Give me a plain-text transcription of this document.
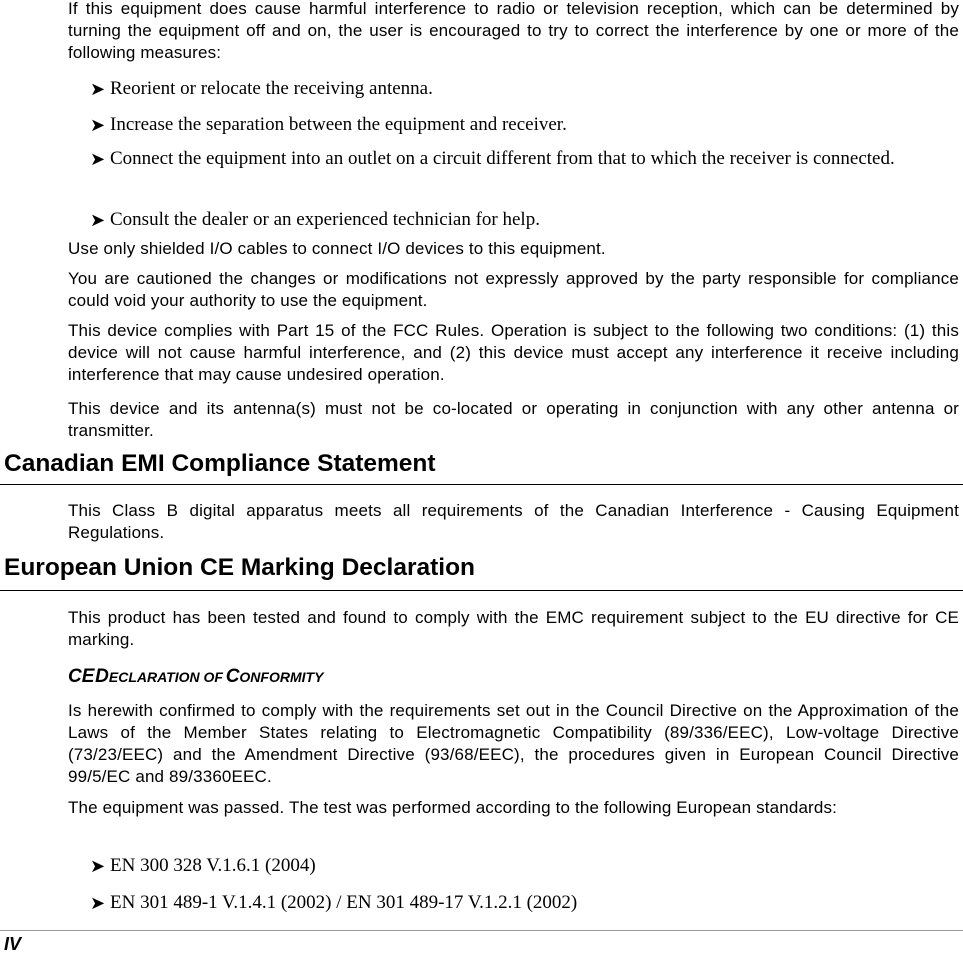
If this equipment does cause harmful interference to radio or television reception, which can be determined by turning the equipment off and on, the user is encouraged to try to correct the interference by one or more of the following measures:

➤ Reorient or relocate the receiving antenna.
➤ Increase the separation between the equipment and receiver.
➤ Connect the equipment into an outlet on a circuit different from that to which the receiver is connected.
➤ Consult the dealer or an experienced technician for help.

Use only shielded I/O cables to connect I/O devices to this equipment.

You are cautioned the changes or modifications not expressly approved by the party responsible for compliance could void your authority to use the equipment.

This device complies with Part 15 of the FCC Rules. Operation is subject to the following two conditions: (1) this device will not cause harmful interference, and (2) this device must accept any interference it receive including interference that may cause undesired operation.

This device and its antenna(s) must not be co-located or operating in conjunction with any other antenna or transmitter.

Canadian EMI Compliance Statement

This Class B digital apparatus meets all requirements of the Canadian Interference - Causing Equipment Regulations.

European Union CE Marking Declaration

This product has been tested and found to comply with the EMC requirement subject to the EU directive for CE marking.

CE DECLARATION OF CONFORMITY

Is herewith confirmed to comply with the requirements set out in the Council Directive on the Approximation of the Laws of the Member States relating to Electromagnetic Compatibility (89/336/EEC), Low-voltage Directive (73/23/EEC) and the Amendment Directive (93/68/EEC), the procedures given in European Council Directive 99/5/EC and 89/3360EEC.

The equipment was passed. The test was performed according to the following European standards:

➤ EN 300 328 V.1.6.1 (2004)
➤ EN 301 489-1 V.1.4.1 (2002) / EN 301 489-17 V.1.2.1 (2002)
IV
